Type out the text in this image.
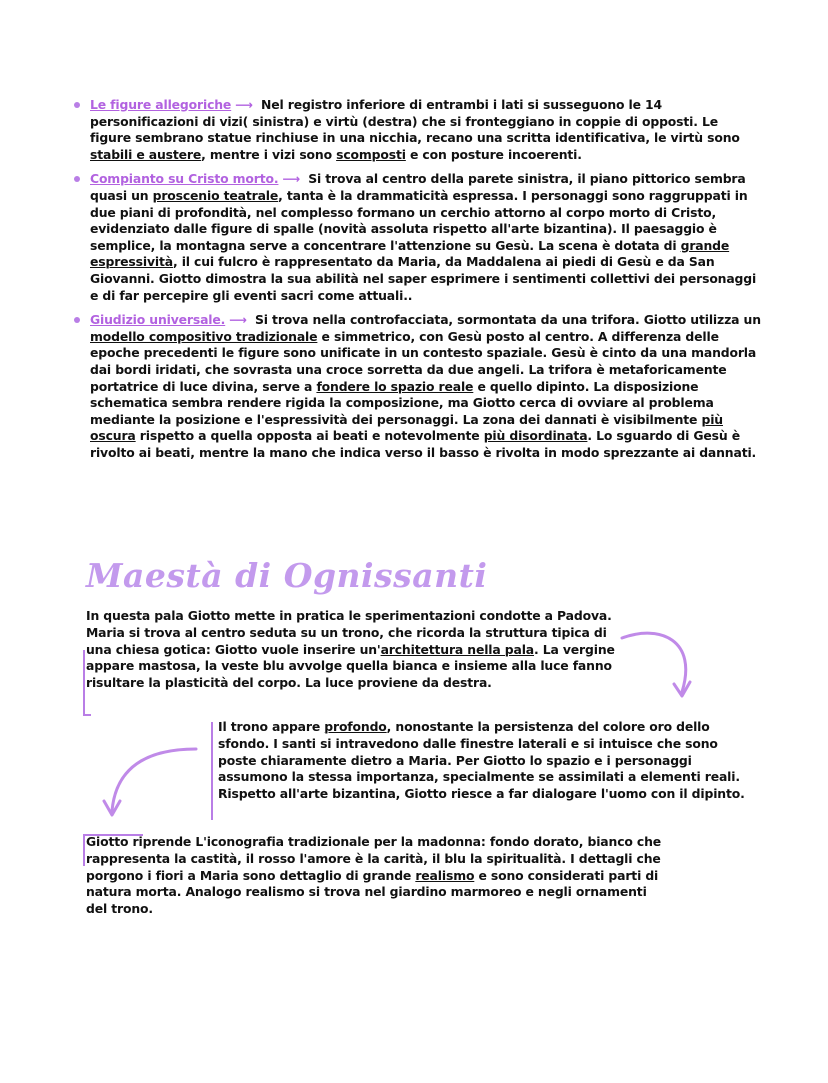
Le figure allegoriche ⟶ Nel registro inferiore di entrambi i lati si susseguono le 14 personificazioni di vizi( sinistra) e virtù (destra) che si fronteggiano in coppie di opposti. Le figure sembrano statue rinchiuse in una nicchia, recano una scritta identificativa, le virtù sono stabili e austere, mentre i vizi sono scomposti e con posture incoerenti.
Compianto su Cristo morto. ⟶ Si trova al centro della parete sinistra, il piano pittorico sembra quasi un proscenio teatrale, tanta è la drammaticità espressa. I personaggi sono raggruppati in due piani di profondità, nel complesso formano un cerchio attorno al corpo morto di Cristo, evidenziato dalle figure di spalle (novità assoluta rispetto all'arte bizantina). Il paesaggio è semplice, la montagna serve a concentrare l'attenzione su Gesù. La scena è dotata di grande espressività, il cui fulcro è rappresentato da Maria, da Maddalena ai piedi di Gesù e da San Giovanni. Giotto dimostra la sua abilità nel saper esprimere i sentimenti collettivi dei personaggi e di far percepire gli eventi sacri come attuali..
Giudizio universale. ⟶ Si trova nella controfacciata, sormontata da una trifora. Giotto utilizza un modello compositivo tradizionale e simmetrico, con Gesù posto al centro. A differenza delle epoche precedenti le figure sono unificate in un contesto spaziale. Gesù è cinto da una mandorla dai bordi iridati, che sovrasta una croce sorretta da due angeli. La trifora è metaforicamente portatrice di luce divina, serve a fondere lo spazio reale e quello dipinto. La disposizione schematica sembra rendere rigida la composizione, ma Giotto cerca di ovviare al problema mediante la posizione e l'espressività dei personaggi. La zona dei dannati è visibilmente più oscura rispetto a quella opposta ai beati e notevolmente più disordinata. Lo sguardo di Gesù è rivolto ai beati, mentre la mano che indica verso il basso è rivolta in modo sprezzante ai dannati.
Maestà di Ognissanti
In questa pala Giotto mette in pratica le sperimentazioni condotte a Padova. Maria si trova al centro seduta su un trono, che ricorda la struttura tipica di una chiesa gotica: Giotto vuole inserire un'architettura nella pala. La vergine appare mastosa, la veste blu avvolge quella bianca e insieme alla luce fanno risultare la plasticità del corpo. La luce proviene da destra.
Il trono appare profondo, nonostante la persistenza del colore oro dello sfondo. I santi si intravedono dalle finestre laterali e si intuisce che sono poste chiaramente dietro a Maria. Per Giotto lo spazio e i personaggi assumono la stessa importanza, specialmente se assimilati a elementi reali. Rispetto all'arte bizantina, Giotto riesce a far dialogare l'uomo con il dipinto.
Giotto riprende L'iconografia tradizionale per la madonna: fondo dorato, bianco che rappresenta la castità, il rosso l'amore è la carità, il blu la spiritualità. I dettagli che porgono i fiori a Maria sono dettaglio di grande realismo e sono considerati parti di natura morta. Analogo realismo si trova nel giardino marmoreo e negli ornamenti del trono.
